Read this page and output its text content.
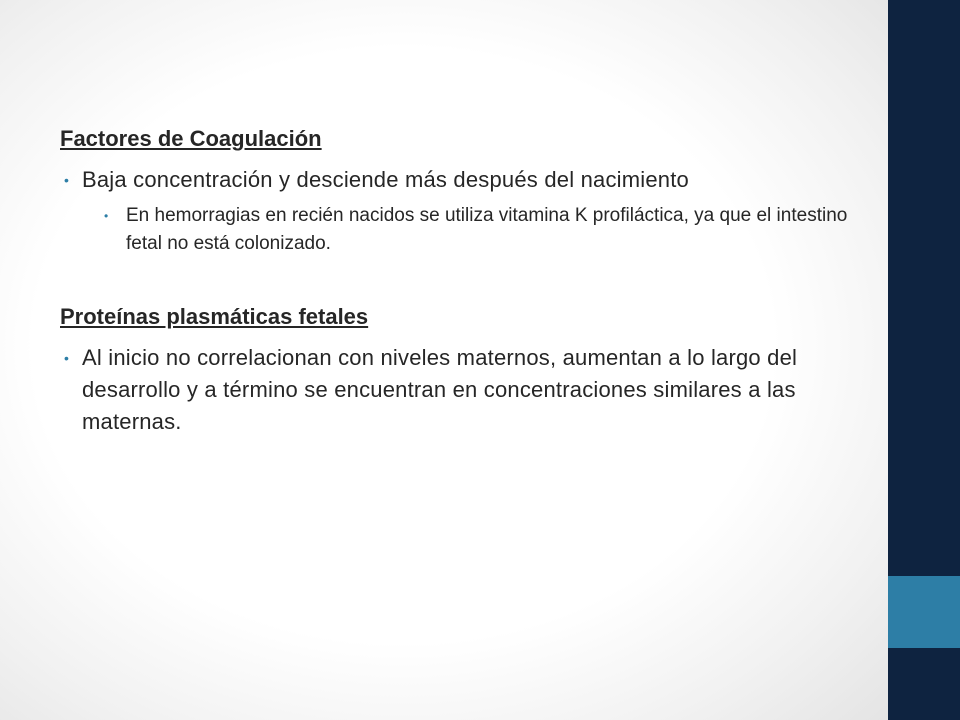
Factores de Coagulación

• Baja concentración y desciende más después del nacimiento
• En hemorragias en recién nacidos se utiliza vitamina K profiláctica, ya que el intestino fetal no está colonizado.

Proteínas plasmáticas fetales

• Al inicio no correlacionan con niveles maternos, aumentan a lo largo del desarrollo y a término se encuentran en concentraciones similares a las maternas.
